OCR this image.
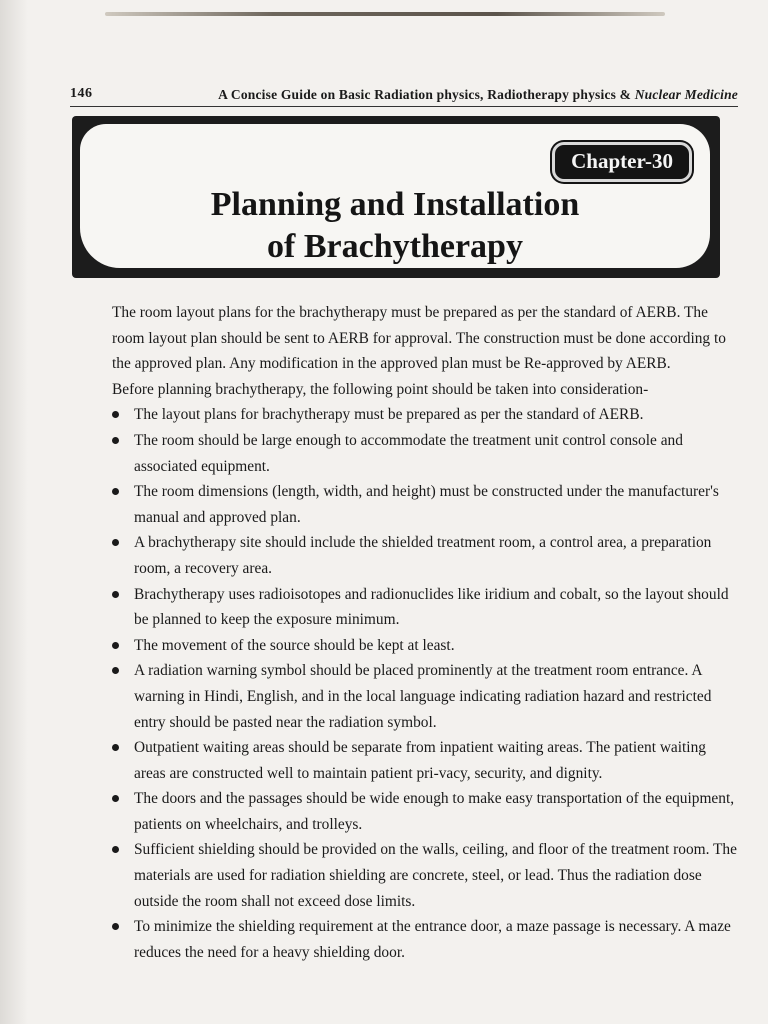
146	A Concise Guide on Basic Radiation physics, Radiotherapy physics & Nuclear Medicine
Chapter-30
Planning and Installation
of Brachytherapy

The room layout plans for the brachytherapy must be prepared as per the standard of AERB. The room layout plan should be sent to AERB for approval. The construction must be done according to the approved plan. Any modification in the approved plan must be Re-approved by AERB.

Before planning brachytherapy, the following point should be taken into consideration-

The layout plans for brachytherapy must be prepared as per the standard of AERB.
The room should be large enough to accommodate the treatment unit control console and associated equipment.
The room dimensions (length, width, and height) must be constructed under the manufacturer's manual and approved plan.
A brachytherapy site should include the shielded treatment room, a control area, a preparation room, a recovery area.
Brachytherapy uses radioisotopes and radionuclides like iridium and cobalt, so the layout should be planned to keep the exposure minimum.
The movement of the source should be kept at least.
A radiation warning symbol should be placed prominently at the treatment room entrance. A warning in Hindi, English, and in the local language indicating radiation hazard and restricted entry should be pasted near the radiation symbol.
Outpatient waiting areas should be separate from inpatient waiting areas. The patient waiting areas are constructed well to maintain patient pri-vacy, security, and dignity.
The doors and the passages should be wide enough to make easy transportation of the equipment, patients on wheelchairs, and trolleys.
Sufficient shielding should be provided on the walls, ceiling, and floor of the treatment room. The materials are used for radiation shielding are concrete, steel, or lead. Thus the radiation dose outside the room shall not exceed dose limits.
To minimize the shielding requirement at the entrance door, a maze passage is necessary. A maze reduces the need for a heavy shielding door.
